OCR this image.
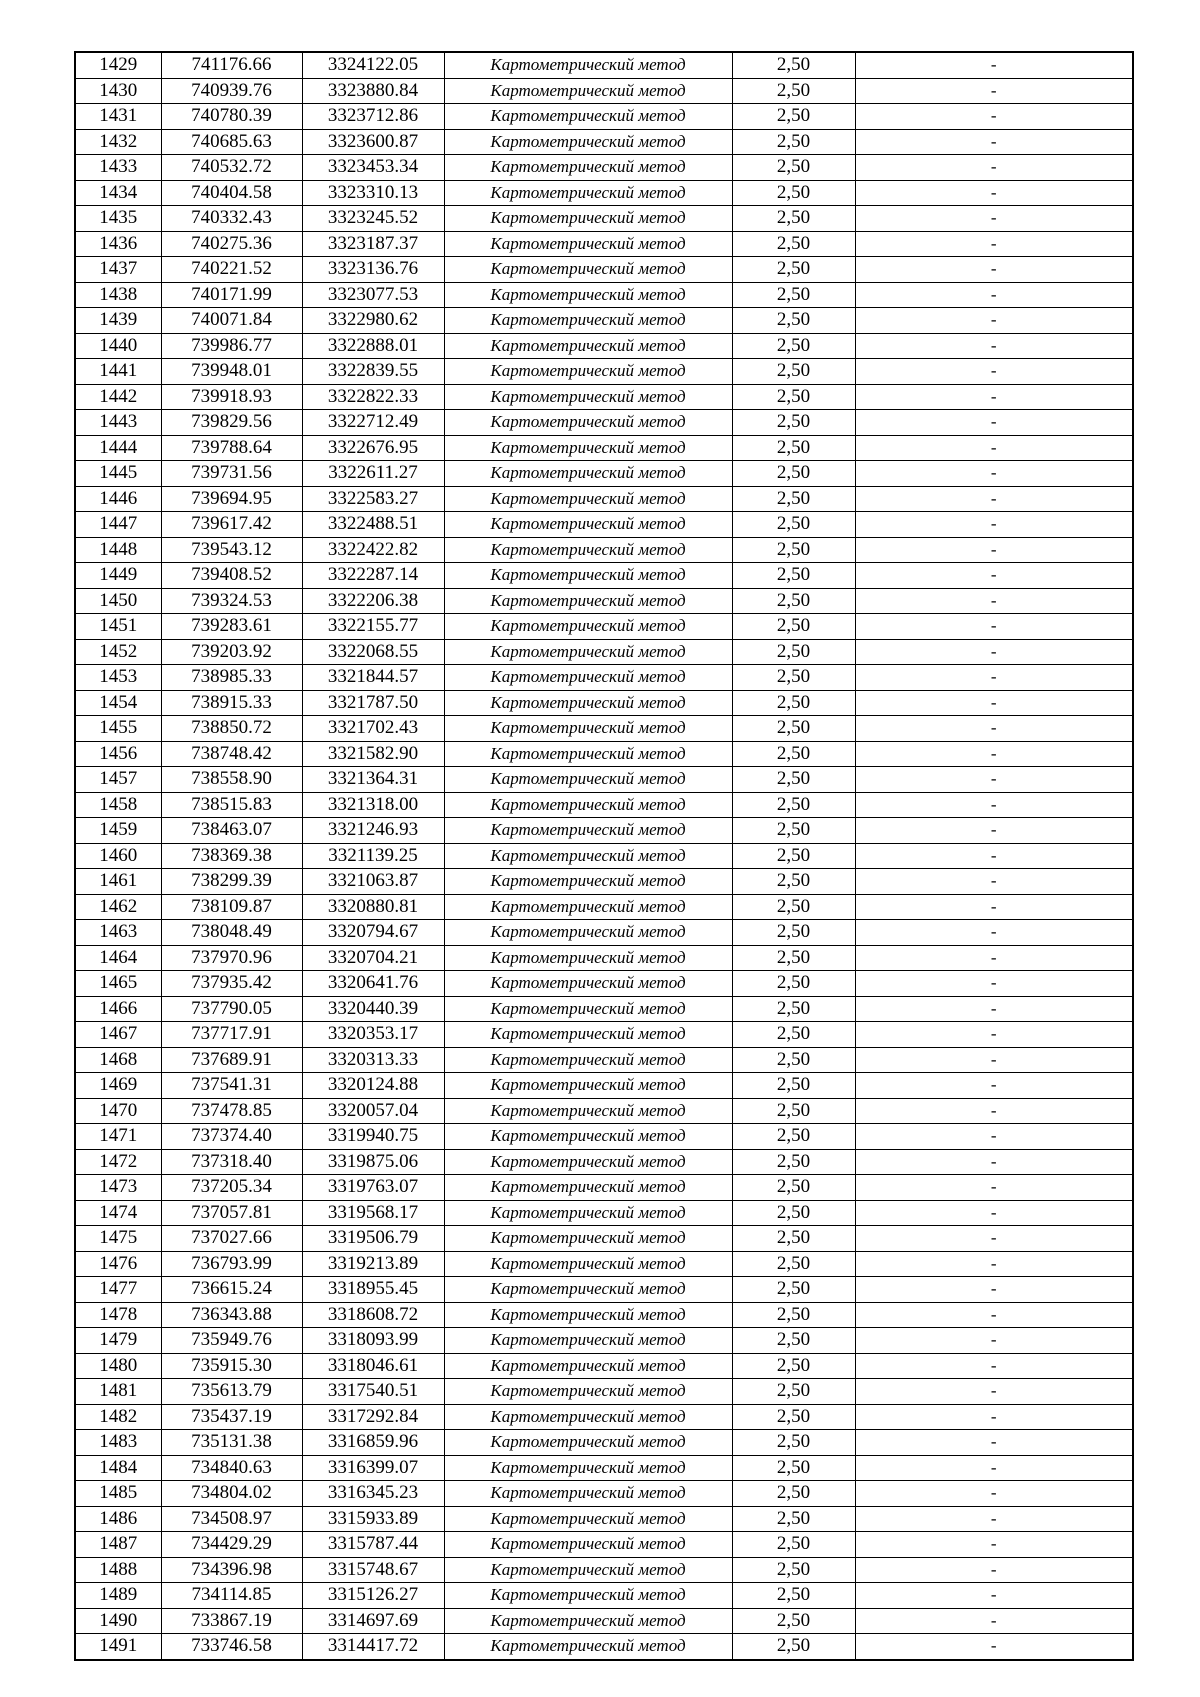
1429	741176.66	3324122.05	Картометрический метод	2,50	-
1430	740939.76	3323880.84	Картометрический метод	2,50	-
1431	740780.39	3323712.86	Картометрический метод	2,50	-
1432	740685.63	3323600.87	Картометрический метод	2,50	-
1433	740532.72	3323453.34	Картометрический метод	2,50	-
1434	740404.58	3323310.13	Картометрический метод	2,50	-
1435	740332.43	3323245.52	Картометрический метод	2,50	-
1436	740275.36	3323187.37	Картометрический метод	2,50	-
1437	740221.52	3323136.76	Картометрический метод	2,50	-
1438	740171.99	3323077.53	Картометрический метод	2,50	-
1439	740071.84	3322980.62	Картометрический метод	2,50	-
1440	739986.77	3322888.01	Картометрический метод	2,50	-
1441	739948.01	3322839.55	Картометрический метод	2,50	-
1442	739918.93	3322822.33	Картометрический метод	2,50	-
1443	739829.56	3322712.49	Картометрический метод	2,50	-
1444	739788.64	3322676.95	Картометрический метод	2,50	-
1445	739731.56	3322611.27	Картометрический метод	2,50	-
1446	739694.95	3322583.27	Картометрический метод	2,50	-
1447	739617.42	3322488.51	Картометрический метод	2,50	-
1448	739543.12	3322422.82	Картометрический метод	2,50	-
1449	739408.52	3322287.14	Картометрический метод	2,50	-
1450	739324.53	3322206.38	Картометрический метод	2,50	-
1451	739283.61	3322155.77	Картометрический метод	2,50	-
1452	739203.92	3322068.55	Картометрический метод	2,50	-
1453	738985.33	3321844.57	Картометрический метод	2,50	-
1454	738915.33	3321787.50	Картометрический метод	2,50	-
1455	738850.72	3321702.43	Картометрический метод	2,50	-
1456	738748.42	3321582.90	Картометрический метод	2,50	-
1457	738558.90	3321364.31	Картометрический метод	2,50	-
1458	738515.83	3321318.00	Картометрический метод	2,50	-
1459	738463.07	3321246.93	Картометрический метод	2,50	-
1460	738369.38	3321139.25	Картометрический метод	2,50	-
1461	738299.39	3321063.87	Картометрический метод	2,50	-
1462	738109.87	3320880.81	Картометрический метод	2,50	-
1463	738048.49	3320794.67	Картометрический метод	2,50	-
1464	737970.96	3320704.21	Картометрический метод	2,50	-
1465	737935.42	3320641.76	Картометрический метод	2,50	-
1466	737790.05	3320440.39	Картометрический метод	2,50	-
1467	737717.91	3320353.17	Картометрический метод	2,50	-
1468	737689.91	3320313.33	Картометрический метод	2,50	-
1469	737541.31	3320124.88	Картометрический метод	2,50	-
1470	737478.85	3320057.04	Картометрический метод	2,50	-
1471	737374.40	3319940.75	Картометрический метод	2,50	-
1472	737318.40	3319875.06	Картометрический метод	2,50	-
1473	737205.34	3319763.07	Картометрический метод	2,50	-
1474	737057.81	3319568.17	Картометрический метод	2,50	-
1475	737027.66	3319506.79	Картометрический метод	2,50	-
1476	736793.99	3319213.89	Картометрический метод	2,50	-
1477	736615.24	3318955.45	Картометрический метод	2,50	-
1478	736343.88	3318608.72	Картометрический метод	2,50	-
1479	735949.76	3318093.99	Картометрический метод	2,50	-
1480	735915.30	3318046.61	Картометрический метод	2,50	-
1481	735613.79	3317540.51	Картометрический метод	2,50	-
1482	735437.19	3317292.84	Картометрический метод	2,50	-
1483	735131.38	3316859.96	Картометрический метод	2,50	-
1484	734840.63	3316399.07	Картометрический метод	2,50	-
1485	734804.02	3316345.23	Картометрический метод	2,50	-
1486	734508.97	3315933.89	Картометрический метод	2,50	-
1487	734429.29	3315787.44	Картометрический метод	2,50	-
1488	734396.98	3315748.67	Картометрический метод	2,50	-
1489	734114.85	3315126.27	Картометрический метод	2,50	-
1490	733867.19	3314697.69	Картометрический метод	2,50	-
1491	733746.58	3314417.72	Картометрический метод	2,50	-
